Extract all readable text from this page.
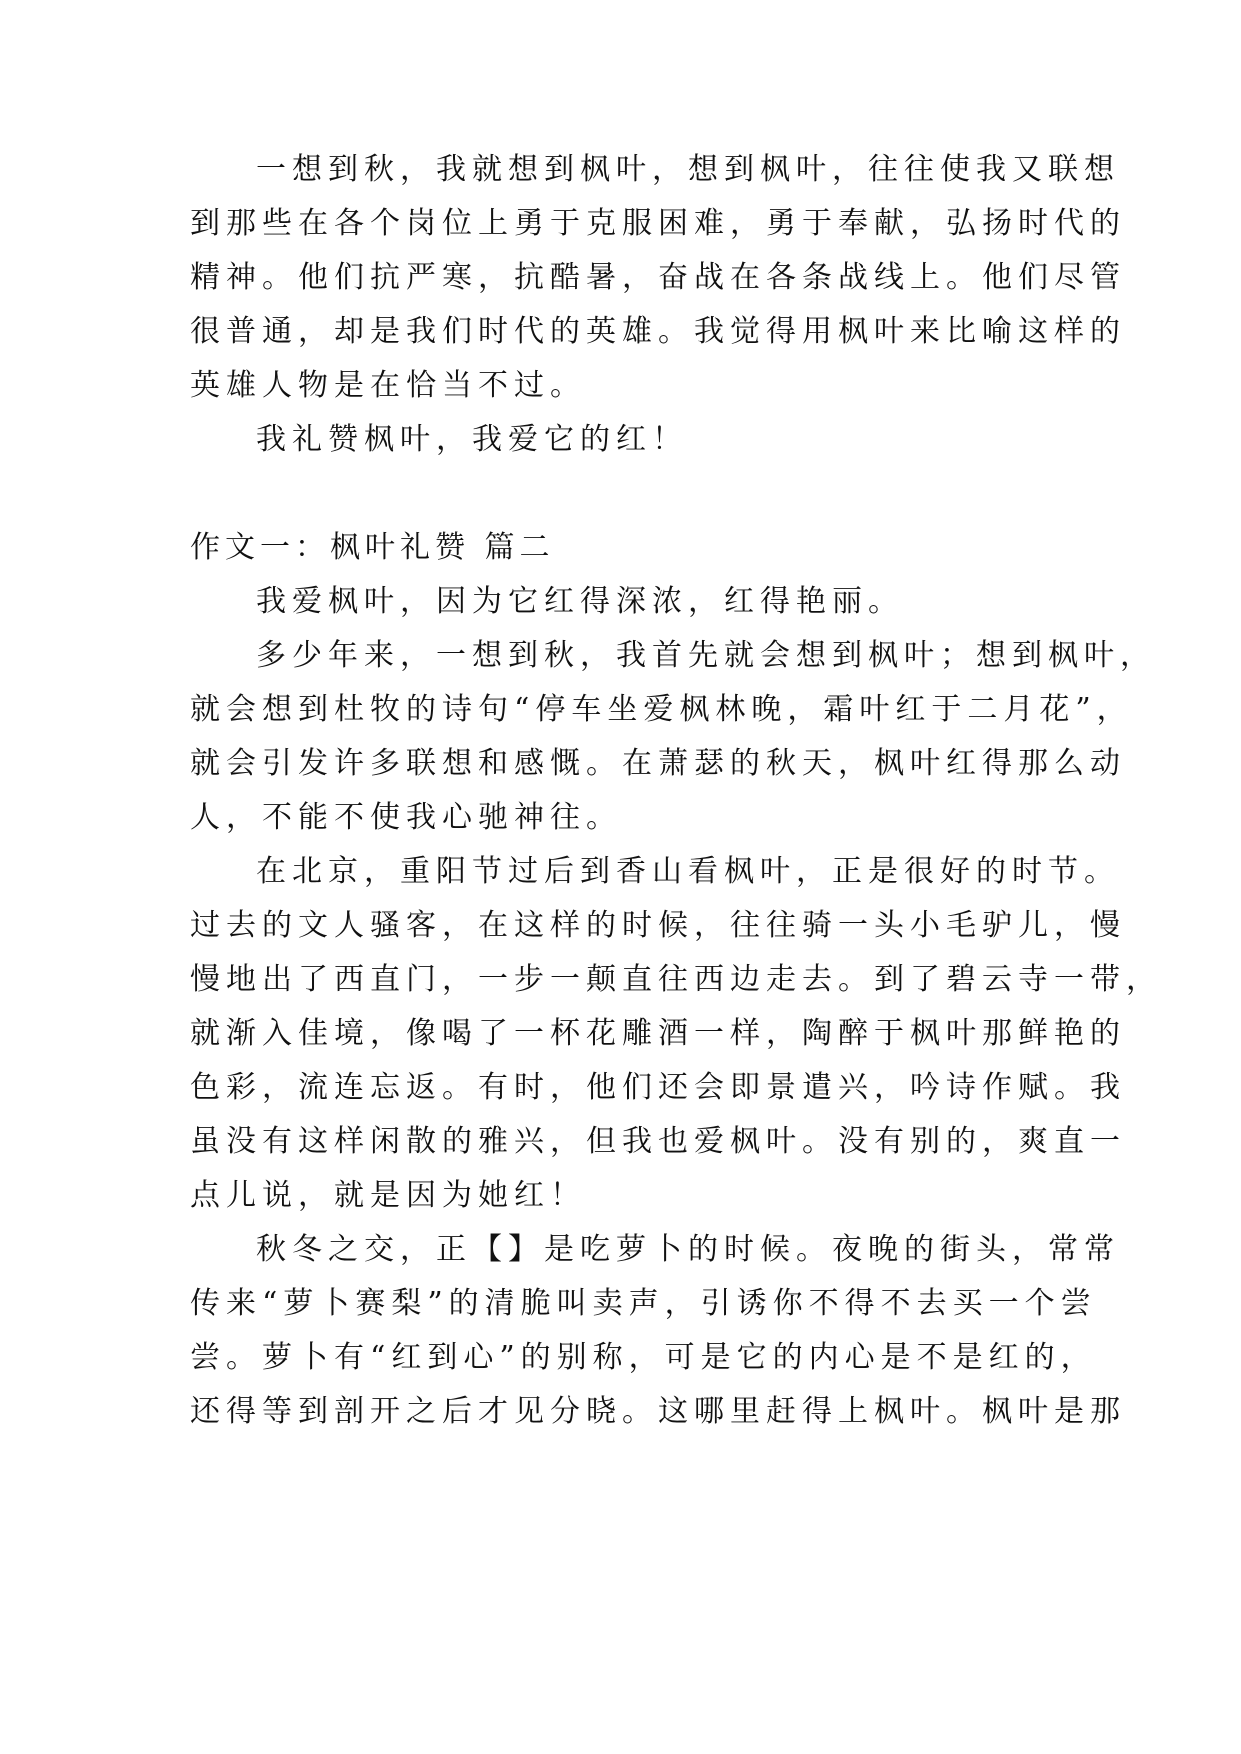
一想到秋，我就想到枫叶，想到枫叶，往往使我又联想
到那些在各个岗位上勇于克服困难，勇于奉献，弘扬时代的
精神。他们抗严寒，抗酷暑，奋战在各条战线上。他们尽管
很普通，却是我们时代的英雄。我觉得用枫叶来比喻这样的
英雄人物是在恰当不过。
我礼赞枫叶，我爱它的红！
作文一：枫叶礼赞 篇二
我爱枫叶，因为它红得深浓，红得艳丽。
多少年来，一想到秋，我首先就会想到枫叶；想到枫叶，
就会想到杜牧的诗句“停车坐爱枫林晚，霜叶红于二月花”，
就会引发许多联想和感慨。在萧瑟的秋天，枫叶红得那么动
人，不能不使我心驰神往。
在北京，重阳节过后到香山看枫叶，正是很好的时节。
过去的文人骚客，在这样的时候，往往骑一头小毛驴儿，慢
慢地出了西直门，一步一颠直往西边走去。到了碧云寺一带，
就渐入佳境，像喝了一杯花雕酒一样，陶醉于枫叶那鲜艳的
色彩，流连忘返。有时，他们还会即景遣兴，吟诗作赋。我
虽没有这样闲散的雅兴，但我也爱枫叶。没有别的，爽直一
点儿说，就是因为她红！
秋冬之交，正【】是吃萝卜的时候。夜晚的街头，常常
传来“萝卜赛梨”的清脆叫卖声，引诱你不得不去买一个尝
尝。萝卜有“红到心”的别称，可是它的内心是不是红的，
还得等到剖开之后才见分晓。这哪里赶得上枫叶。枫叶是那
